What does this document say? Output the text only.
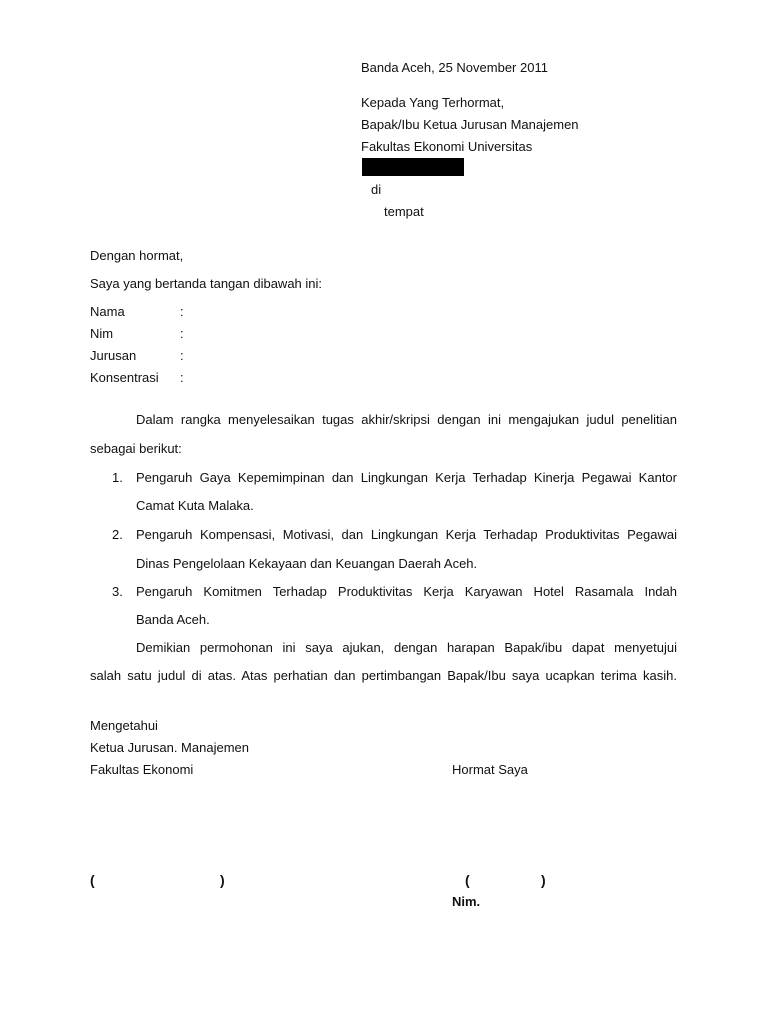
Banda Aceh, 25 November 2011
Kepada Yang Terhormat,
Bapak/Ibu Ketua Jurusan Manajemen
Fakultas Ekonomi Universitas
di
tempat
Dengan hormat,
Saya yang bertanda tangan dibawah ini:
Nama	:
Nim	:
Jurusan	:
Konsentrasi :
Dalam rangka menyelesaikan tugas akhir/skripsi dengan ini mengajukan judul penelitian
sebagai berikut:
1. Pengaruh Gaya Kepemimpinan dan Lingkungan Kerja Terhadap Kinerja Pegawai Kantor
Camat Kuta Malaka.
2. Pengaruh Kompensasi, Motivasi, dan Lingkungan Kerja Terhadap Produktivitas Pegawai
Dinas Pengelolaan Kekayaan dan Keuangan Daerah Aceh.
3. Pengaruh Komitmen Terhadap Produktivitas Kerja Karyawan Hotel Rasamala Indah
Banda Aceh.
Demikian permohonan ini saya ajukan, dengan harapan Bapak/ibu dapat menyetujui
salah satu judul di atas. Atas perhatian dan pertimbangan Bapak/Ibu saya ucapkan terima kasih.
Mengetahui
Ketua Jurusan. Manajemen
Fakultas Ekonomi	Hormat Saya
(	)	(	)
Nim.
